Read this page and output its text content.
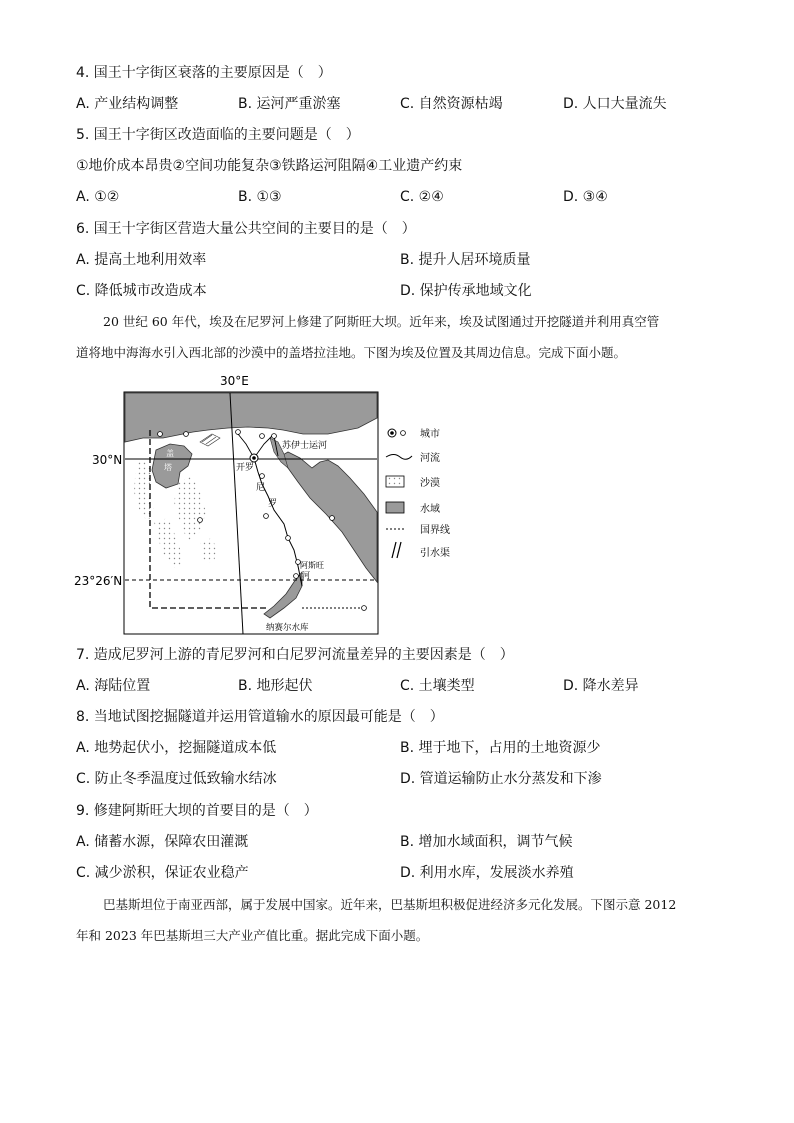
4. 国王十字街区衰落的主要原因是（　）
A. 产业结构调整	B. 运河严重淤塞	C. 自然资源枯竭	D. 人口大量流失
5. 国王十字街区改造面临的主要问题是（　）
①地价成本昂贵②空间功能复杂③铁路运河阻隔④工业遗产约束
A. ①②	B. ①③	C. ②④	D. ③④
6. 国王十字街区营造大量公共空间的主要目的是（　）
A. 提高土地利用效率	B. 提升人居环境质量
C. 降低城市改造成本	D. 保护传承地域文化
20 世纪 60 年代，埃及在尼罗河上修建了阿斯旺大坝。近年来，埃及试图通过开挖隧道并利用真空管
道将地中海海水引入西北部的沙漠中的盖塔拉洼地。下图为埃及位置及其周边信息。完成下面小题。
30°E
30°N
23°26′N
苏伊士运河
开罗
尼
罗
阿斯旺
河
纳赛尔水库
盖
塔
城市
河流
沙漠
水域
国界线
引水渠
7. 造成尼罗河上游的青尼罗河和白尼罗河流量差异的主要因素是（　）
A. 海陆位置	B. 地形起伏	C. 土壤类型	D. 降水差异
8. 当地试图挖掘隧道并运用管道输水的原因最可能是（　）
A. 地势起伏小，挖掘隧道成本低	B. 埋于地下，占用的土地资源少
C. 防止冬季温度过低致输水结冰	D. 管道运输防止水分蒸发和下渗
9. 修建阿斯旺大坝的首要目的是（　）
A. 储蓄水源，保障农田灌溉	B. 增加水域面积，调节气候
C. 减少淤积，保证农业稳产	D. 利用水库，发展淡水养殖
巴基斯坦位于南亚西部，属于发展中国家。近年来，巴基斯坦积极促进经济多元化发展。下图示意 2012
年和 2023 年巴基斯坦三大产业产值比重。据此完成下面小题。
